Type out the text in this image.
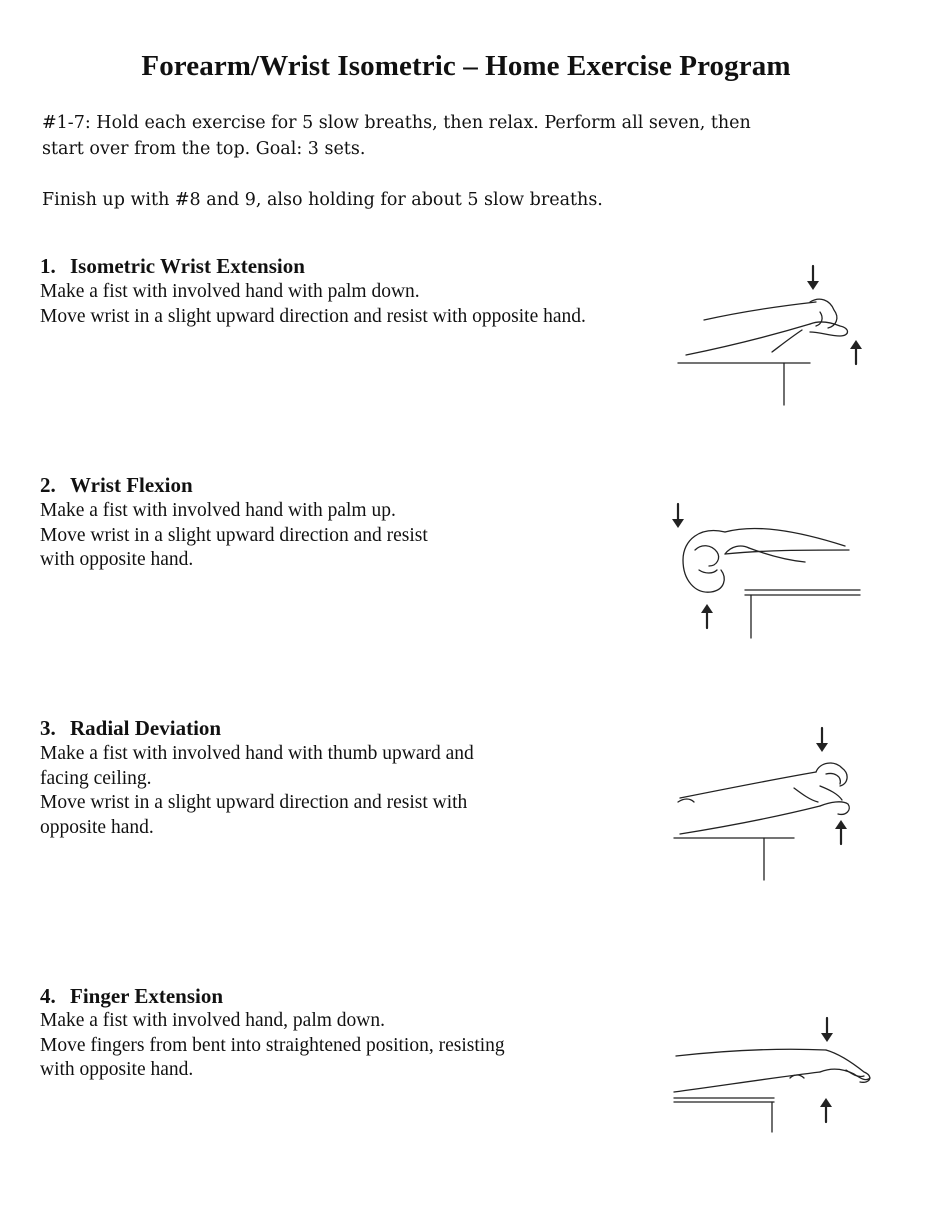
Forearm/Wrist Isometric – Home Exercise Program
#1-7: Hold each exercise for 5 slow breaths, then relax. Perform all seven, then
start over from the top. Goal: 3 sets.
Finish up with #8 and 9, also holding for about 5 slow breaths.
1. Isometric Wrist Extension
Make a fist with involved hand with palm down.
Move wrist in a slight upward direction and resist with opposite hand.
2. Wrist Flexion
Make a fist with involved hand with palm up.
Move wrist in a slight upward direction and resist
with opposite hand.
3. Radial Deviation
Make a fist with involved hand with thumb upward and
facing ceiling.
Move wrist in a slight upward direction and resist with
opposite hand.
4. Finger Extension
Make a fist with involved hand, palm down.
Move fingers from bent into straightened position, resisting
with opposite hand.
